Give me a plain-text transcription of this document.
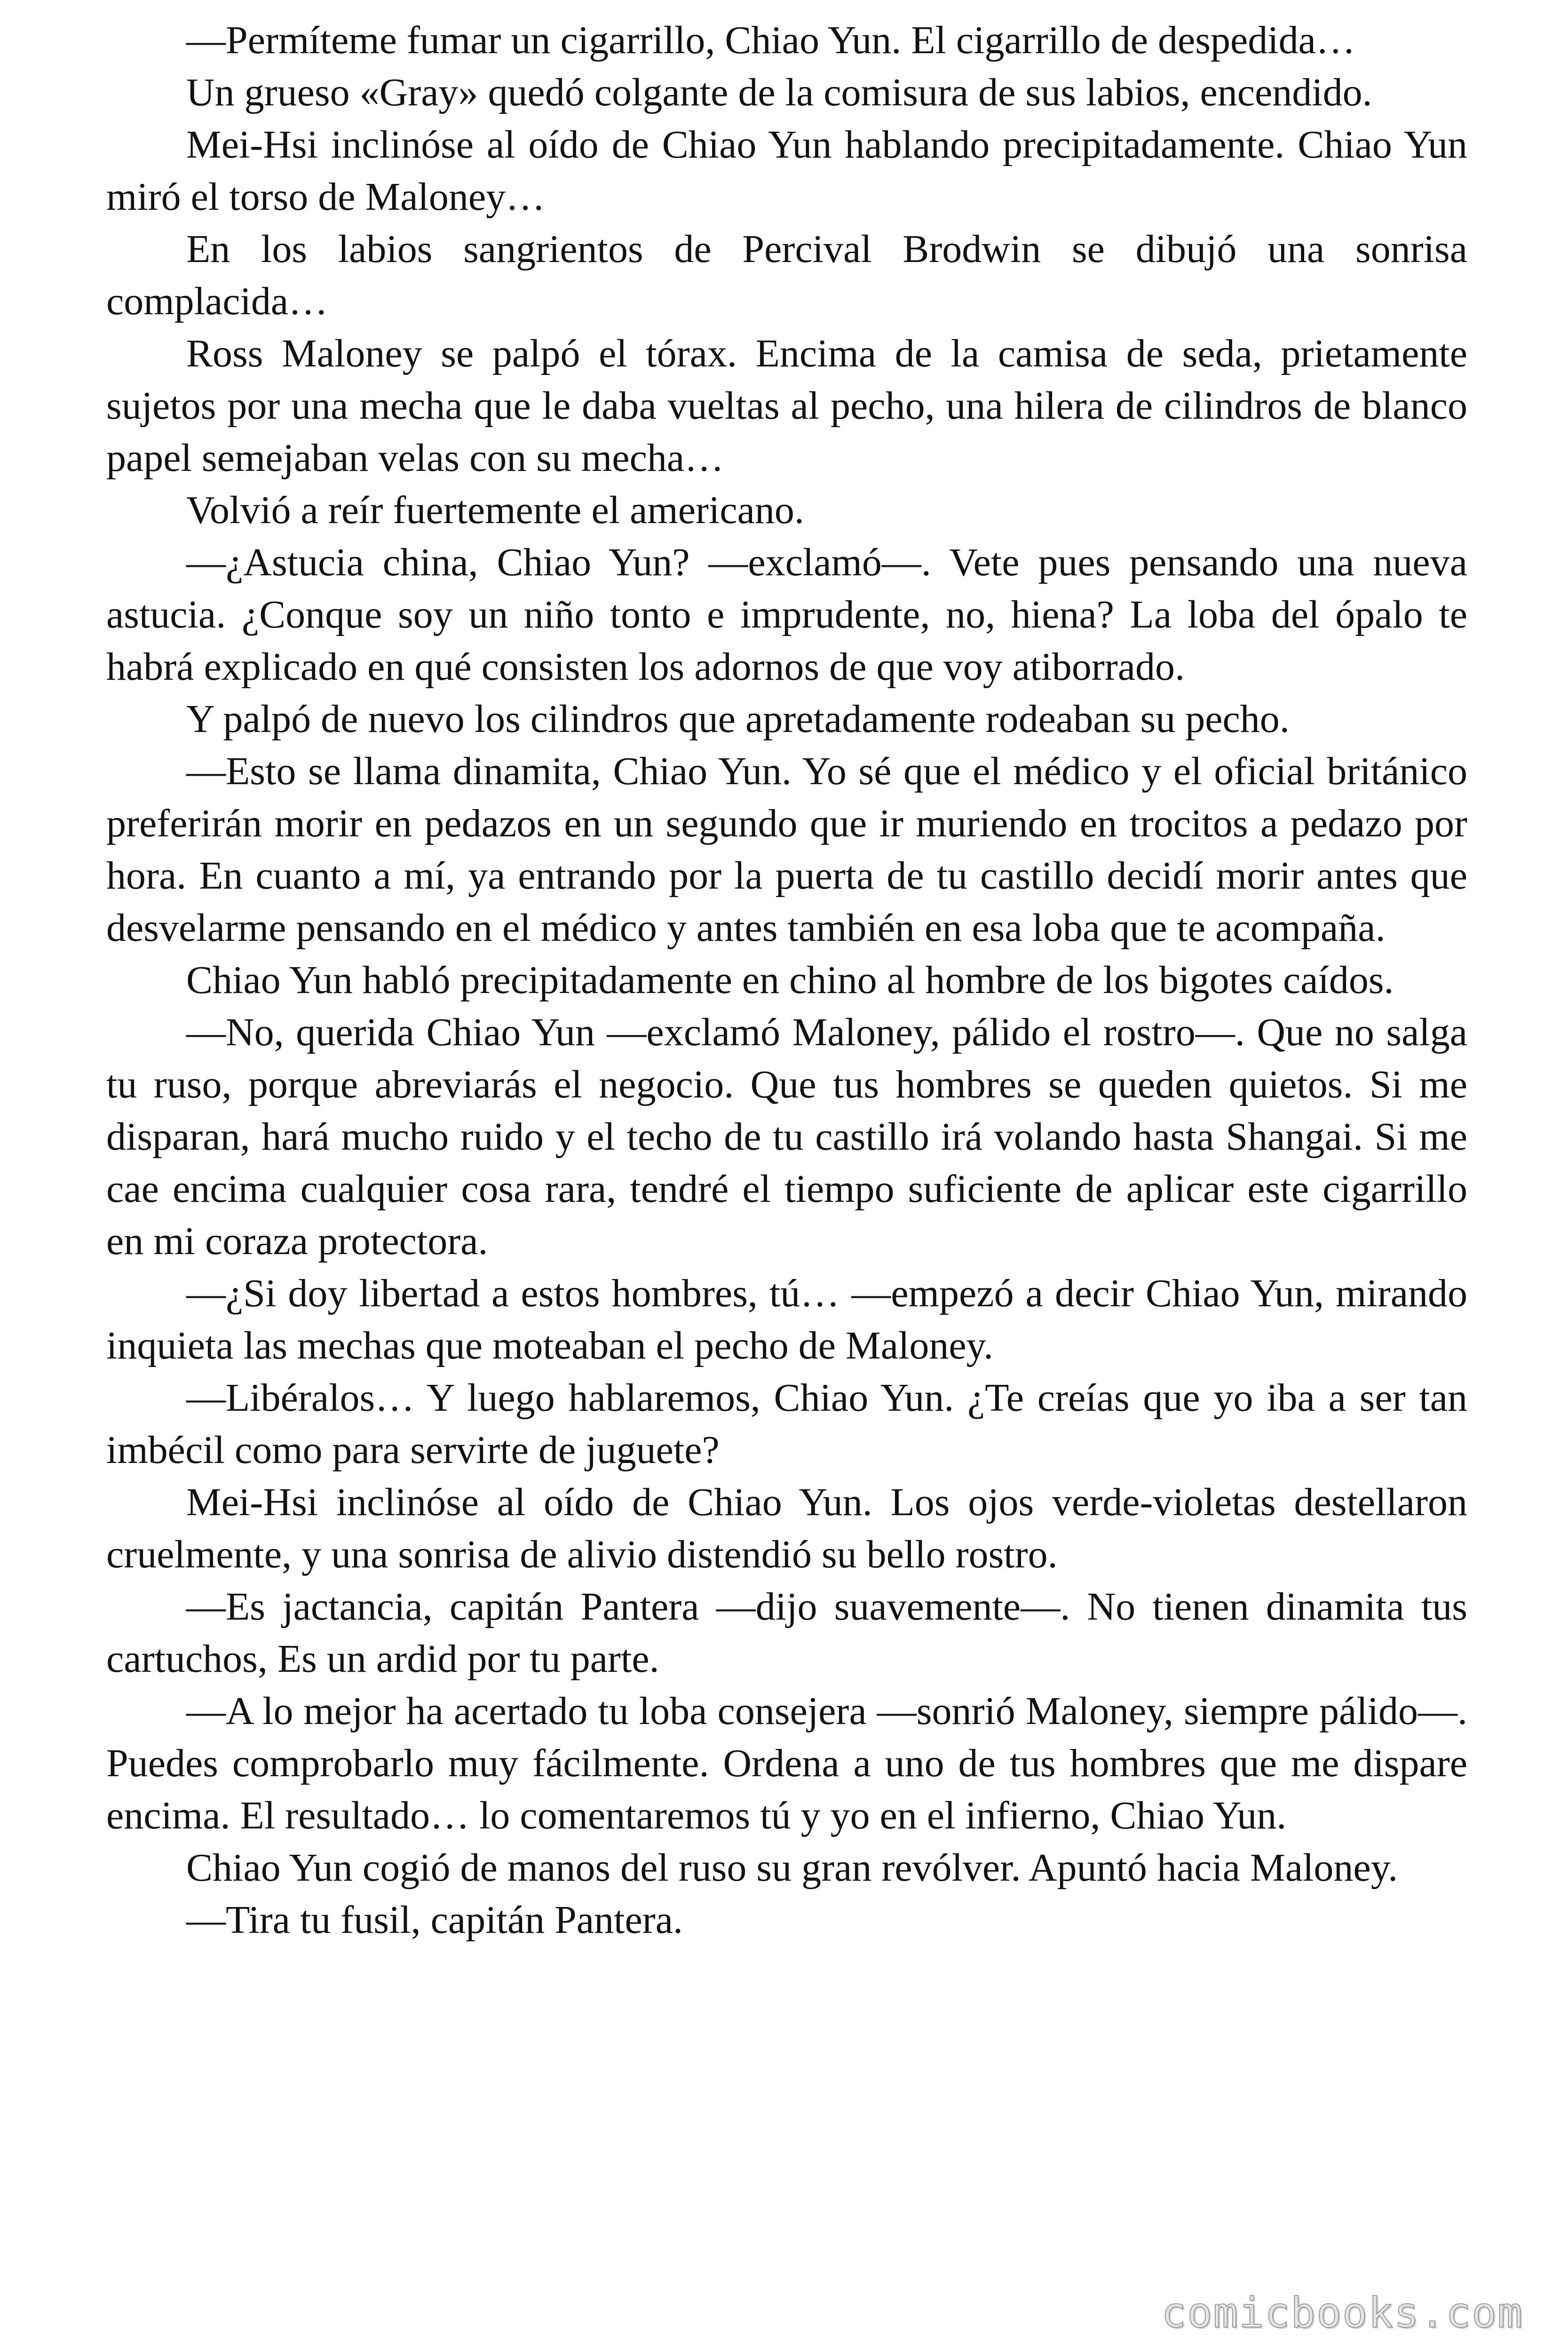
—Permíteme fumar un cigarrillo, Chiao Yun. El cigarrillo de despedida…

Un grueso «Gray» quedó colgante de la comisura de sus labios, encendido.

Mei-Hsi inclinóse al oído de Chiao Yun hablando precipitadamente. Chiao Yun miró el torso de Maloney…

En los labios sangrientos de Percival Brodwin se dibujó una sonrisa complacida…

Ross Maloney se palpó el tórax. Encima de la camisa de seda, prietamente sujetos por una mecha que le daba vueltas al pecho, una hilera de cilindros de blanco papel semejaban velas con su mecha…

Volvió a reír fuertemente el americano.

—¿Astucia china, Chiao Yun? —exclamó—. Vete pues pensando una nueva astucia. ¿Conque soy un niño tonto e imprudente, no, hiena? La loba del ópalo te habrá explicado en qué consisten los adornos de que voy atiborrado.

Y palpó de nuevo los cilindros que apretadamente rodeaban su pecho.

—Esto se llama dinamita, Chiao Yun. Yo sé que el médico y el oficial británico preferirán morir en pedazos en un segundo que ir muriendo en trocitos a pedazo por hora. En cuanto a mí, ya entrando por la puerta de tu castillo decidí morir antes que desvelarme pensando en el médico y antes también en esa loba que te acompaña.

Chiao Yun habló precipitadamente en chino al hombre de los bigotes caídos.

—No, querida Chiao Yun —exclamó Maloney, pálido el rostro—. Que no salga tu ruso, porque abreviarás el negocio. Que tus hombres se queden quietos. Si me disparan, hará mucho ruido y el techo de tu castillo irá volando hasta Shangai. Si me cae encima cualquier cosa rara, tendré el tiempo suficiente de aplicar este cigarrillo en mi coraza protectora.

—¿Si doy libertad a estos hombres, tú… —empezó a decir Chiao Yun, mirando inquieta las mechas que moteaban el pecho de Maloney.

—Libéralos… Y luego hablaremos, Chiao Yun. ¿Te creías que yo iba a ser tan imbécil como para servirte de juguete?

Mei-Hsi inclinóse al oído de Chiao Yun. Los ojos verde-violetas destellaron cruelmente, y una sonrisa de alivio distendió su bello rostro.

—Es jactancia, capitán Pantera —dijo suavemente—. No tienen dinamita tus cartuchos, Es un ardid por tu parte.

—A lo mejor ha acertado tu loba consejera —sonrió Maloney, siempre pálido—. Puedes comprobarlo muy fácilmente. Ordena a uno de tus hombres que me dispare encima. El resultado… lo comentaremos tú y yo en el infierno, Chiao Yun.

Chiao Yun cogió de manos del ruso su gran revólver. Apuntó hacia Maloney.

—Tira tu fusil, capitán Pantera.

comicbooks.com
